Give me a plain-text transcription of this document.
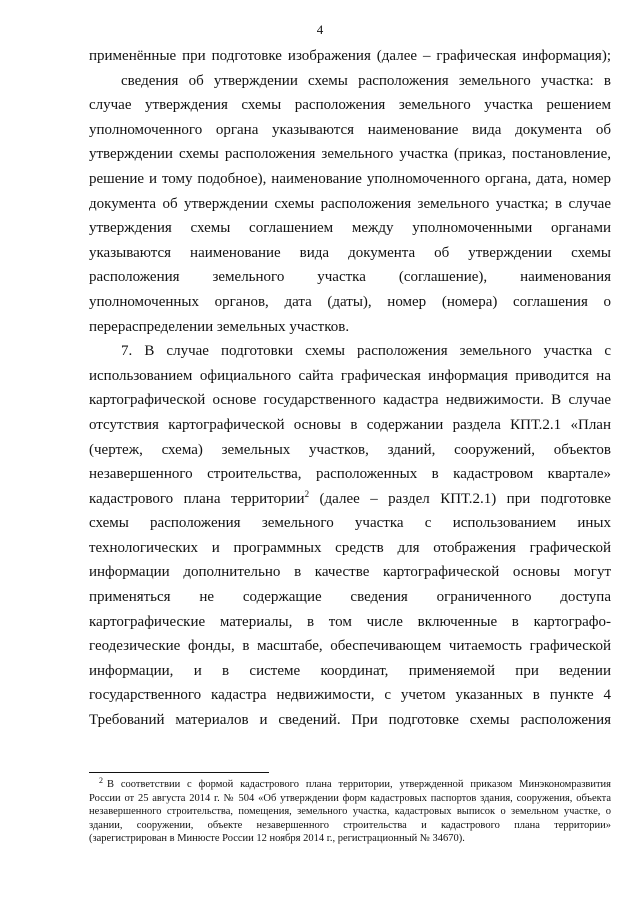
4
применённые при подготовке изображения (далее – графическая информация);
сведения об утверждении схемы расположения земельного участка: в
случае утверждения схемы расположения земельного участка решением
уполномоченного органа указываются наименование вида документа об
утверждении схемы расположения земельного участка (приказ, постановление,
решение и тому подобное), наименование уполномоченного органа, дата, номер
документа об утверждении схемы расположения земельного участка; в случае
утверждения схемы соглашением между уполномоченными органами
указываются наименование вида документа об утверждении схемы
расположения земельного участка (соглашение), наименования
уполномоченных органов, дата (даты), номер (номера) соглашения о
перераспределении земельных участков.
7. В случае подготовки схемы расположения земельного участка с
использованием официального сайта графическая информация приводится на
картографической основе государственного кадастра недвижимости. В случае
отсутствия картографической основы в содержании раздела КПТ.2.1 «План
(чертеж, схема) земельных участков, зданий, сооружений, объектов
незавершенного строительства, расположенных в кадастровом квартале»
кадастрового плана территории$^2$ (далее – раздел КПТ.2.1) при подготовке
схемы расположения земельного участка с использованием иных
технологических и программных средств для отображения графической
информации дополнительно в качестве картографической основы могут
применяться не содержащие сведения ограниченного доступа
картографические материалы, в том числе включенные в картографо-
геодезические фонды, в масштабе, обеспечивающем читаемость графической
информации, и в системе координат, применяемой при ведении
государственного кадастра недвижимости, с учетом указанных в пункте 4
Требований материалов и сведений. При подготовке схемы расположения
$^2$ В соответствии с формой кадастрового плана территории, утвержденной приказом Минэкономразвития
России от 25 августа 2014 г. № 504 «Об утверждении форм кадастровых паспортов здания, сооружения, объекта
незавершенного строительства, помещения, земельного участка, кадастровых выписок о земельном участке, о
здании, сооружении, объекте незавершенного строительства и кадастрового плана территории»
(зарегистрирован в Минюсте России 12 ноября 2014 г., регистрационный № 34670).
